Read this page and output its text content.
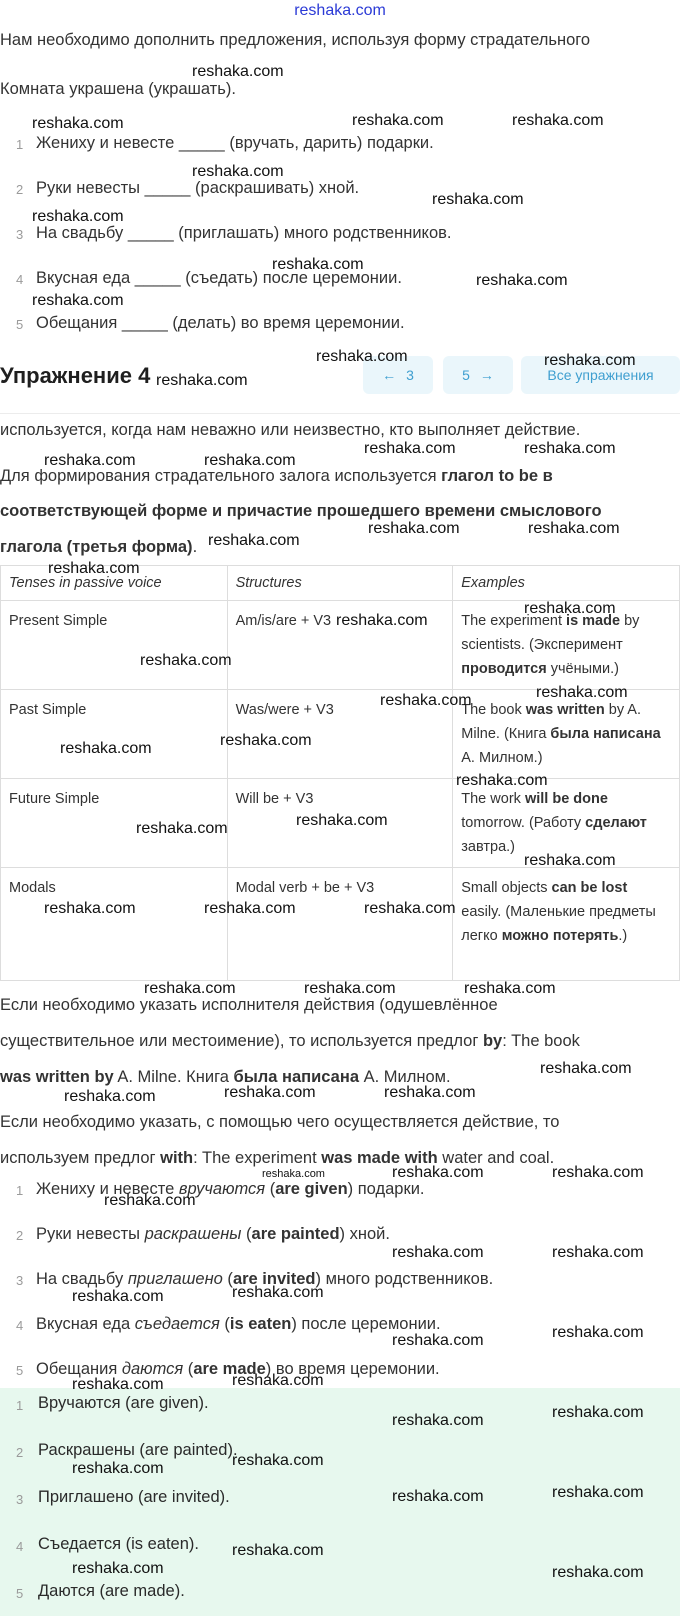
reshaka.com
Нам необходимо дополнить предложения, используя форму страдательного
Комната украшена (украшать).
1 Жениху и невесте _____ (вручать, дарить) подарки.
2 Руки невесты _____ (раскрашивать) хной.
3 На свадьбу _____ (приглашать) много родственников.
4 Вкусная еда _____ (съедать) после церемонии.
5 Обещания _____ (делать) во время церемонии.
Упражнение 4	← 3	5 →	Все упражнения
используется, когда нам неважно или неизвестно, кто выполняет действие.
Для формирования страдательного залога используется глагол to be в
соответствующей форме и причастие прошедшего времени смыслового
глагола (третья форма).
Tenses in passive voice	Structures	Examples
Present Simple	Am/is/are + V3	The experiment is made by scientists. (Эксперимент проводится учёными.)
Past Simple	Was/were + V3	The book was written by A. Milne. (Книга была написана А. Милном.)
Future Simple	Will be + V3	The work will be done tomorrow. (Работу сделают завтра.)
Modals	Modal verb + be + V3	Small objects can be lost easily. (Маленькие предметы легко можно потерять.)
Если необходимо указать исполнителя действия (одушевлённое
существительное или местоимение), то используется предлог by: The book
was written by A. Milne. Книга была написана А. Милном.
Если необходимо указать, с помощью чего осуществляется действие, то
используем предлог with: The experiment was made with water and coal.
1 Жениху и невесте вручаются (are given) подарки.
2 Руки невесты раскрашены (are painted) хной.
3 На свадьбу приглашено (are invited) много родственников.
4 Вкусная еда съедается (is eaten) после церемонии.
5 Обещания даются (are made) во время церемонии.
1 Вручаются (are given).
2 Раскрашены (are painted).
3 Приглашено (are invited).
4 Съедается (is eaten).
5 Даются (are made).
reshaka.com
reshaka.com	reshaka.com	reshaka.com
reshaka.com
reshaka.com
reshaka.com
reshaka.com
reshaka.com
reshaka.com
reshaka.com	reshaka.com
reshaka.com
reshaka.com	reshaka.com
reshaka.com	reshaka.com
reshaka.com	reshaka.com
reshaka.com
reshaka.com
reshaka.com
reshaka.com
reshaka.com
reshaka.com
reshaka.com
reshaka.com
reshaka.com
reshaka.com
reshaka.com
reshaka.com
reshaka.com
reshaka.com	reshaka.com	reshaka.com
reshaka.com	reshaka.com	reshaka.com
reshaka.com
reshaka.com	reshaka.com
reshaka.com
reshaka.com	reshaka.com	reshaka.com
reshaka.com
reshaka.com	reshaka.com
reshaka.com
reshaka.com
reshaka.com
reshaka.com
reshaka.com
reshaka.com
reshaka.com
reshaka.com
reshaka.com
reshaka.com
reshaka.com
reshaka.com
reshaka.com
reshaka.com	reshaka.com
